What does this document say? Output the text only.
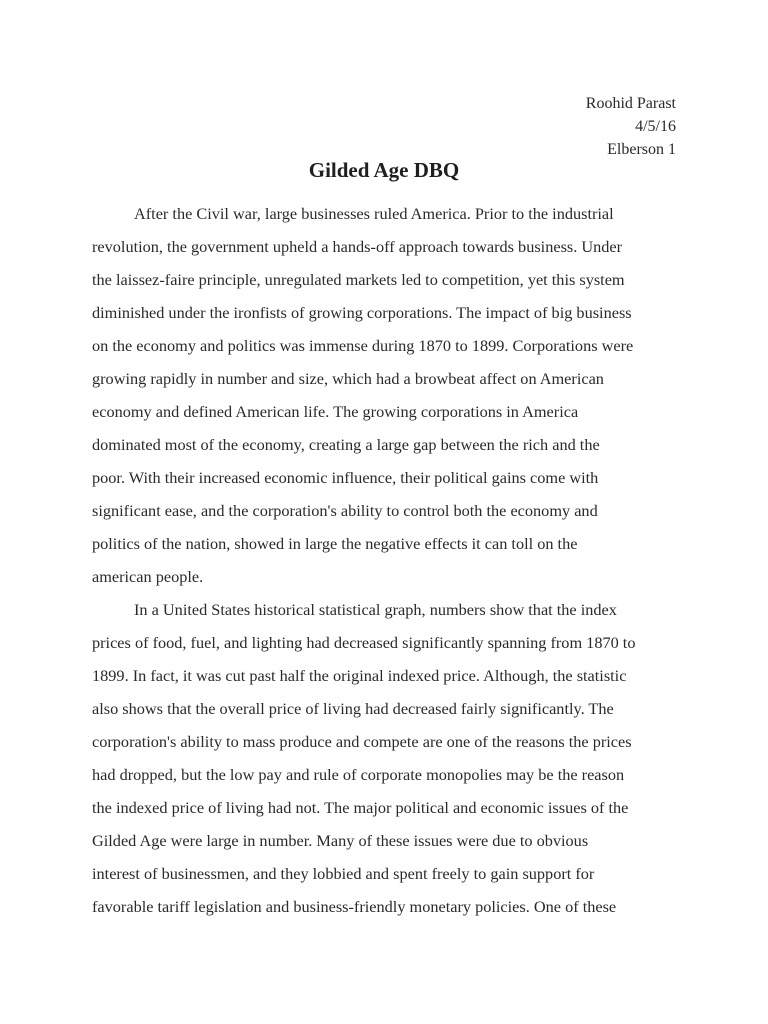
Roohid Parast
4/5/16
Elberson 1
Gilded Age DBQ
After the Civil war, large businesses ruled America. Prior to the industrial
revolution, the government upheld a hands-off approach towards business. Under
the laissez-faire principle, unregulated markets led to competition, yet this system
diminished under the ironfists of growing corporations. The impact of big business
on the economy and politics was immense during 1870 to 1899. Corporations were
growing rapidly in number and size, which had a browbeat affect on American
economy and defined American life. The growing corporations in America
dominated most of the economy, creating a large gap between the rich and the
poor. With their increased economic influence, their political gains come with
significant ease, and the corporation's ability to control both the economy and
politics of the nation, showed in large the negative effects it can toll on the
american people.
In a United States historical statistical graph, numbers show that the index
prices of food, fuel, and lighting had decreased significantly spanning from 1870 to
1899. In fact, it was cut past half the original indexed price. Although, the statistic
also shows that the overall price of living had decreased fairly significantly. The
corporation's ability to mass produce and compete are one of the reasons the prices
had dropped, but the low pay and rule of corporate monopolies may be the reason
the indexed price of living had not. The major political and economic issues of the
Gilded Age were large in number. Many of these issues were due to obvious
interest of businessmen, and they lobbied and spent freely to gain support for
favorable tariff legislation and business-friendly monetary policies. One of these
